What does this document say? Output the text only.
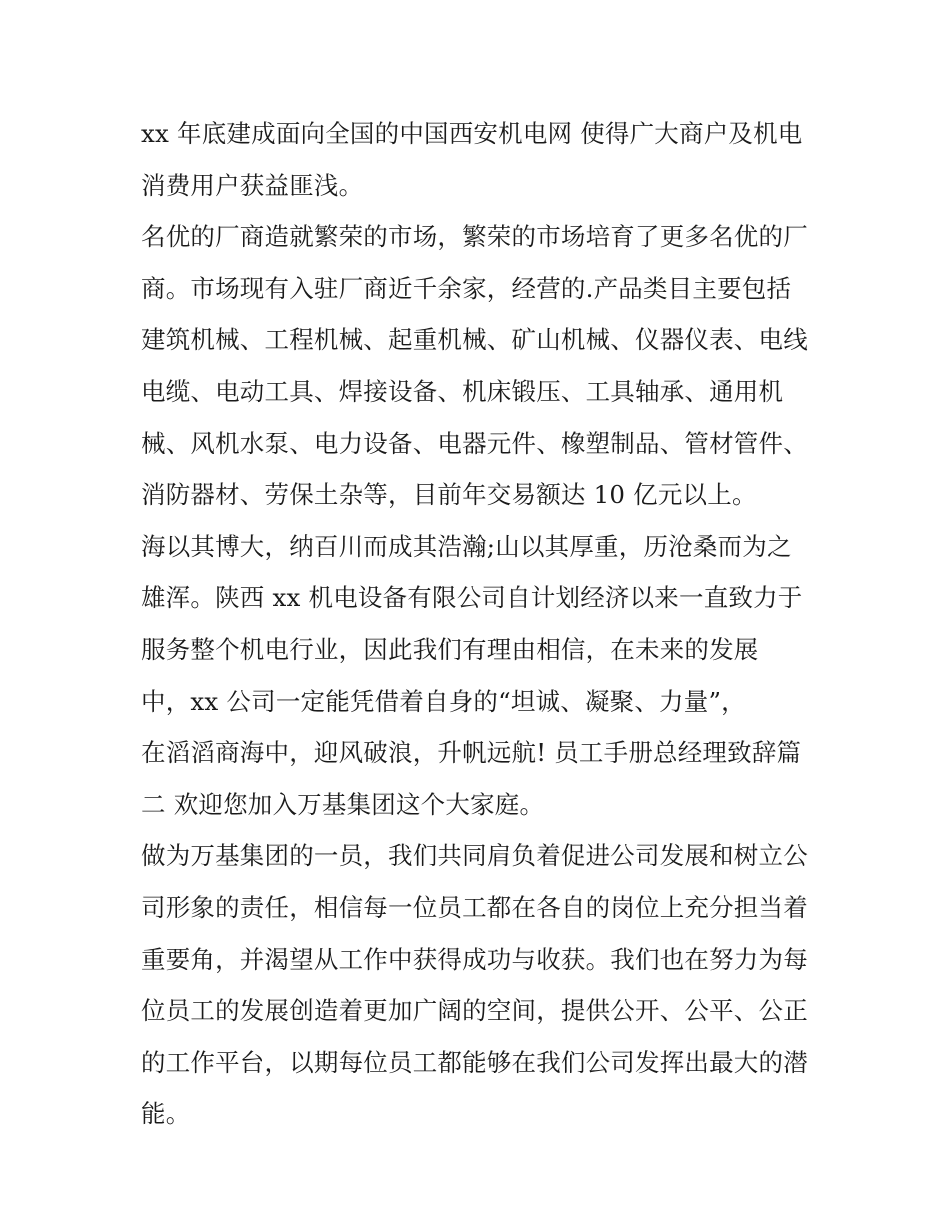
xx 年底建成面向全国的中国西安机电网 使得广大商户及机电
消费用户获益匪浅。
名优的厂商造就繁荣的市场，繁荣的市场培育了更多名优的厂
商。市场现有入驻厂商近千余家，经营的.产品类目主要包括
建筑机械、工程机械、起重机械、矿山机械、仪器仪表、电线
电缆、电动工具、焊接设备、机床锻压、工具轴承、通用机
械、风机水泵、电力设备、电器元件、橡塑制品、管材管件、
消防器材、劳保土杂等，目前年交易额达 10 亿元以上。
海以其博大，纳百川而成其浩瀚;山以其厚重，历沧桑而为之
雄浑。陕西 xx 机电设备有限公司自计划经济以来一直致力于
服务整个机电行业，因此我们有理由相信，在未来的发展
中，xx 公司一定能凭借着自身的“坦诚、凝聚、力量”，
在滔滔商海中，迎风破浪，升帆远航! 员工手册总经理致辞篇
二 欢迎您加入万基集团这个大家庭。
做为万基集团的一员，我们共同肩负着促进公司发展和树立公
司形象的责任，相信每一位员工都在各自的岗位上充分担当着
重要角，并渴望从工作中获得成功与收获。我们也在努力为每
位员工的发展创造着更加广阔的空间，提供公开、公平、公正
的工作平台，以期每位员工都能够在我们公司发挥出最大的潜
能。
